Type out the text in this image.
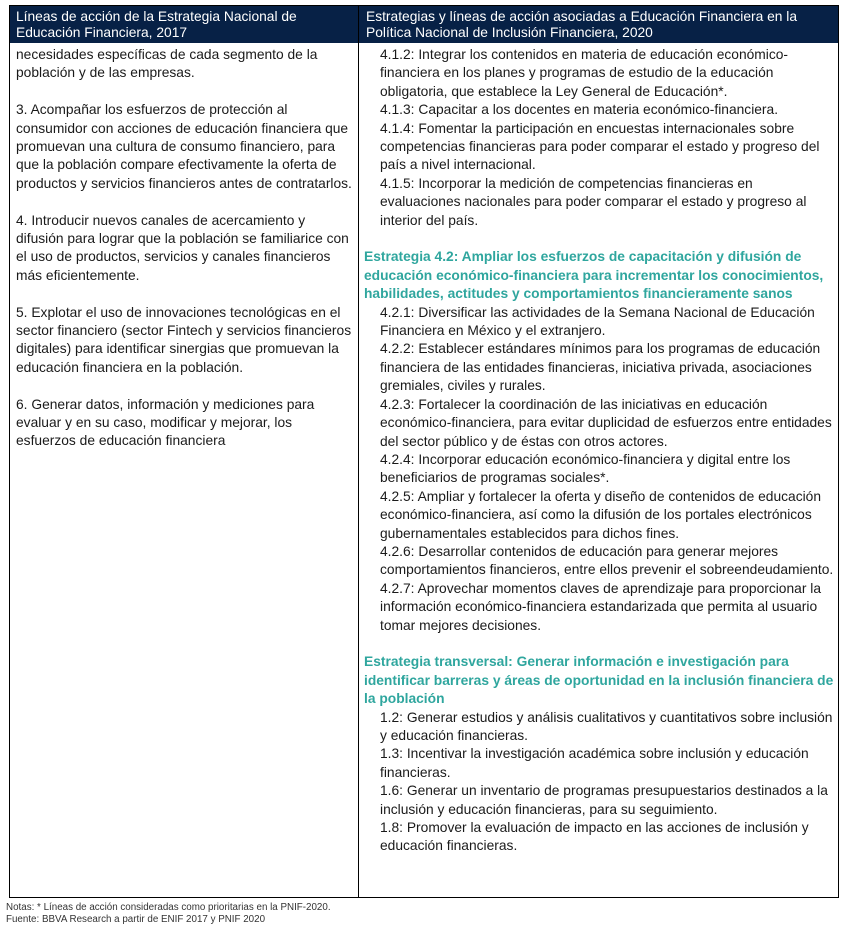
Líneas de acción de la Estrategia Nacional de Educación Financiera, 2017
Estrategias y líneas de acción asociadas a Educación Financiera en la Política Nacional de Inclusión Financiera, 2020

necesidades específicas de cada segmento de la población y de las empresas.

3. Acompañar los esfuerzos de protección al consumidor con acciones de educación financiera que promuevan una cultura de consumo financiero, para que la población compare efectivamente la oferta de productos y servicios financieros antes de contratarlos.

4. Introducir nuevos canales de acercamiento y difusión para lograr que la población se familiarice con el uso de productos, servicios y canales financieros más eficientemente.

5. Explotar el uso de innovaciones tecnológicas en el sector financiero (sector Fintech y servicios financieros digitales) para identificar sinergias que promuevan la educación financiera en la población.

6. Generar datos, información y mediciones para evaluar y en su caso, modificar y mejorar, los esfuerzos de educación financiera

4.1.2: Integrar los contenidos en materia de educación económico-financiera en los planes y programas de estudio de la educación obligatoria, que establece la Ley General de Educación*.

4.1.3: Capacitar a los docentes en materia económico-financiera.

4.1.4: Fomentar la participación en encuestas internacionales sobre competencias financieras para poder comparar el estado y progreso del país a nivel internacional.

4.1.5: Incorporar la medición de competencias financieras en evaluaciones nacionales para poder comparar el estado y progreso al interior del país.

Estrategia 4.2: Ampliar los esfuerzos de capacitación y difusión de educación económico-financiera para incrementar los conocimientos, habilidades, actitudes y comportamientos financieramente sanos

4.2.1: Diversificar las actividades de la Semana Nacional de Educación Financiera en México y el extranjero.

4.2.2: Establecer estándares mínimos para los programas de educación financiera de las entidades financieras, iniciativa privada, asociaciones gremiales, civiles y rurales.

4.2.3: Fortalecer la coordinación de las iniciativas en educación económico-financiera, para evitar duplicidad de esfuerzos entre entidades del sector público y de éstas con otros actores.

4.2.4: Incorporar educación económico-financiera y digital entre los beneficiarios de programas sociales*.

4.2.5: Ampliar y fortalecer la oferta y diseño de contenidos de educación económico-financiera, así como la difusión de los portales electrónicos gubernamentales establecidos para dichos fines.

4.2.6: Desarrollar contenidos de educación para generar mejores comportamientos financieros, entre ellos prevenir el sobreendeudamiento.

4.2.7: Aprovechar momentos claves de aprendizaje para proporcionar la información económico-financiera estandarizada que permita al usuario tomar mejores decisiones.

Estrategia transversal: Generar información e investigación para identificar barreras y áreas de oportunidad en la inclusión financiera de la población

1.2: Generar estudios y análisis cualitativos y cuantitativos sobre inclusión y educación financieras.

1.3: Incentivar la investigación académica sobre inclusión y educación financieras.

1.6: Generar un inventario de programas presupuestarios destinados a la inclusión y educación financieras, para su seguimiento.

1.8: Promover la evaluación de impacto en las acciones de inclusión y educación financieras.

Notas: * Líneas de acción consideradas como prioritarias en la PNIF-2020.
Fuente: BBVA Research a partir de ENIF 2017 y PNIF 2020
